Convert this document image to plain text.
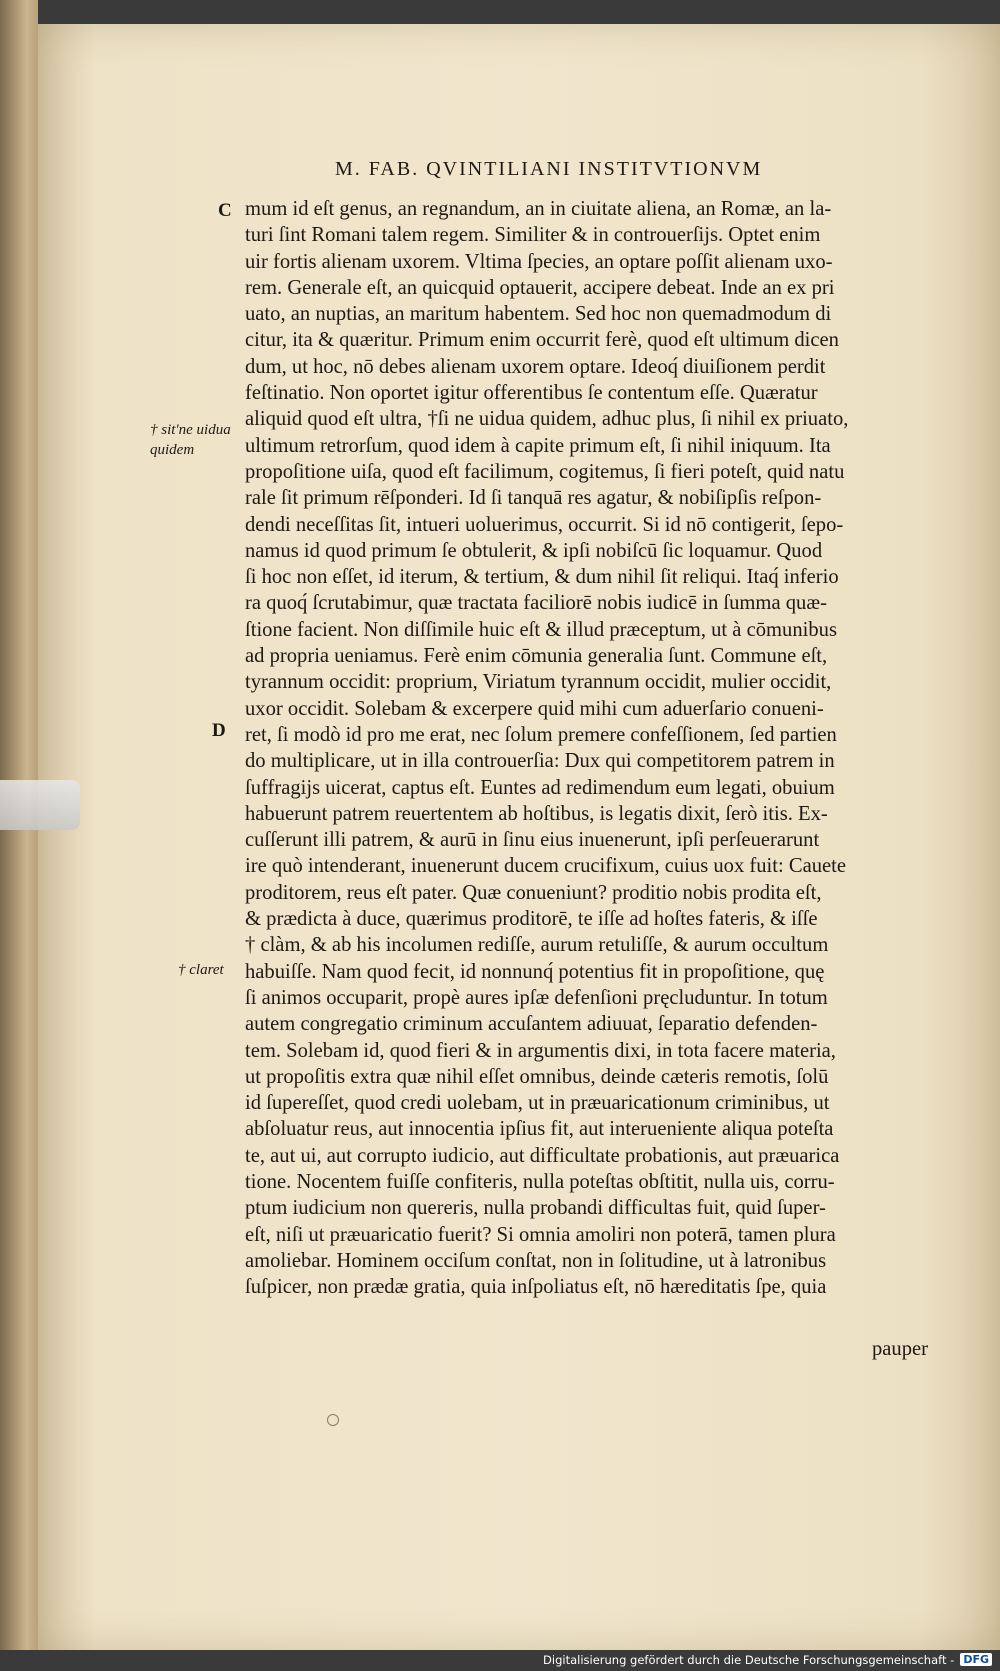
M. FAB. QVINTILIANI INSTITVTIONVM
C
D
† sit'ne uidua quidem
† claret
mum id eſt genus, an regnandum, an in ciuitate aliena, an Romæ, an la-
turi ſint Romani talem regem. Similiter & in controuerſijs. Optet enim
uir fortis alienam uxorem. Vltima ſpecies, an optare poſſit alienam uxo-
rem. Generale eſt, an quicquid optauerit, accipere debeat. Inde an ex pri
uato, an nuptias, an maritum habentem. Sed hoc non quemadmodum di
citur, ita & quæritur. Primum enim occurrit ferè, quod eſt ultimum dicen
dum, ut hoc, nō debes alienam uxorem optare. Ideoq́ diuiſionem perdit
feſtinatio. Non oportet igitur offerentibus ſe contentum eſſe. Quæratur
aliquid quod eſt ultra, †ſi ne uidua quidem, adhuc plus, ſi nihil ex priuato,
ultimum retrorſum, quod idem à capite primum eſt, ſi nihil iniquum. Ita
propoſitione uiſa, quod eſt facilimum, cogitemus, ſi fieri poteſt, quid natu
rale ſit primum rēſponderi. Id ſi tanquā res agatur, & nobiſipſis reſpon-
dendi neceſſitas ſit, intueri uoluerimus, occurrit. Si id nō contigerit, ſepo-
namus id quod primum ſe obtulerit, & ipſi nobiſcū ſic loquamur. Quod
ſi hoc non eſſet, id iterum, & tertium, & dum nihil ſit reliqui. Itaq́ inferio
ra quoq́ ſcrutabimur, quæ tractata faciliorē nobis iudicē in ſumma quæ-
ſtione facient. Non diſſimile huic eſt & illud præceptum, ut à cōmunibus
ad propria ueniamus. Ferè enim cōmunia generalia ſunt. Commune eſt,
tyrannum occidit: proprium, Viriatum tyrannum occidit, mulier occidit,
uxor occidit. Solebam & excerpere quid mihi cum aduerſario conueni-
ret, ſi modò id pro me erat, nec ſolum premere confeſſionem, ſed partien
do multiplicare, ut in illa controuerſia: Dux qui competitorem patrem in
ſuffragijs uicerat, captus eſt. Euntes ad redimendum eum legati, obuium
habuerunt patrem reuertentem ab hoſtibus, is legatis dixit, ſerò itis. Ex-
cuſſerunt illi patrem, & aurū in ſinu eius inuenerunt, ipſi perſeuerarunt
ire quò intenderant, inuenerunt ducem crucifixum, cuius uox fuit: Cauete
proditorem, reus eſt pater. Quæ conueniunt? proditio nobis prodita eſt,
& prædicta à duce, quærimus proditorē, te iſſe ad hoſtes fateris, & iſſe
† clàm, & ab his incolumen rediſſe, aurum retuliſſe, & aurum occultum
habuiſſe. Nam quod fecit, id nonnunq́ potentius fit in propoſitione, quę
ſi animos occuparit, propè aures ipſæ defenſioni pręcluduntur. In totum
autem congregatio criminum accuſantem adiuuat, ſeparatio defenden-
tem. Solebam id, quod fieri & in argumentis dixi, in tota facere materia,
ut propoſitis extra quæ nihil eſſet omnibus, deinde cæteris remotis, ſolū
id ſupereſſet, quod credi uolebam, ut in præuaricationum criminibus, ut
abſoluatur reus, aut innocentia ipſius fit, aut interueniente aliqua poteſta
te, aut ui, aut corrupto iudicio, aut difficultate probationis, aut præuarica
tione. Nocentem fuiſſe confiteris, nulla poteſtas obſtitit, nulla uis, corru-
ptum iudicium non quereris, nulla probandi difficultas fuit, quid ſuper-
eſt, niſi ut præuaricatio fuerit? Si omnia amoliri non poterā, tamen plura
amoliebar. Hominem occiſum conſtat, non in ſolitudine, ut à latronibus
ſuſpicer, non prædæ gratia, quia inſpoliatus eſt, nō hæreditatis ſpe, quia
pauper
Digitalisierung gefördert durch die Deutsche Forschungsgemeinschaft - DFG
